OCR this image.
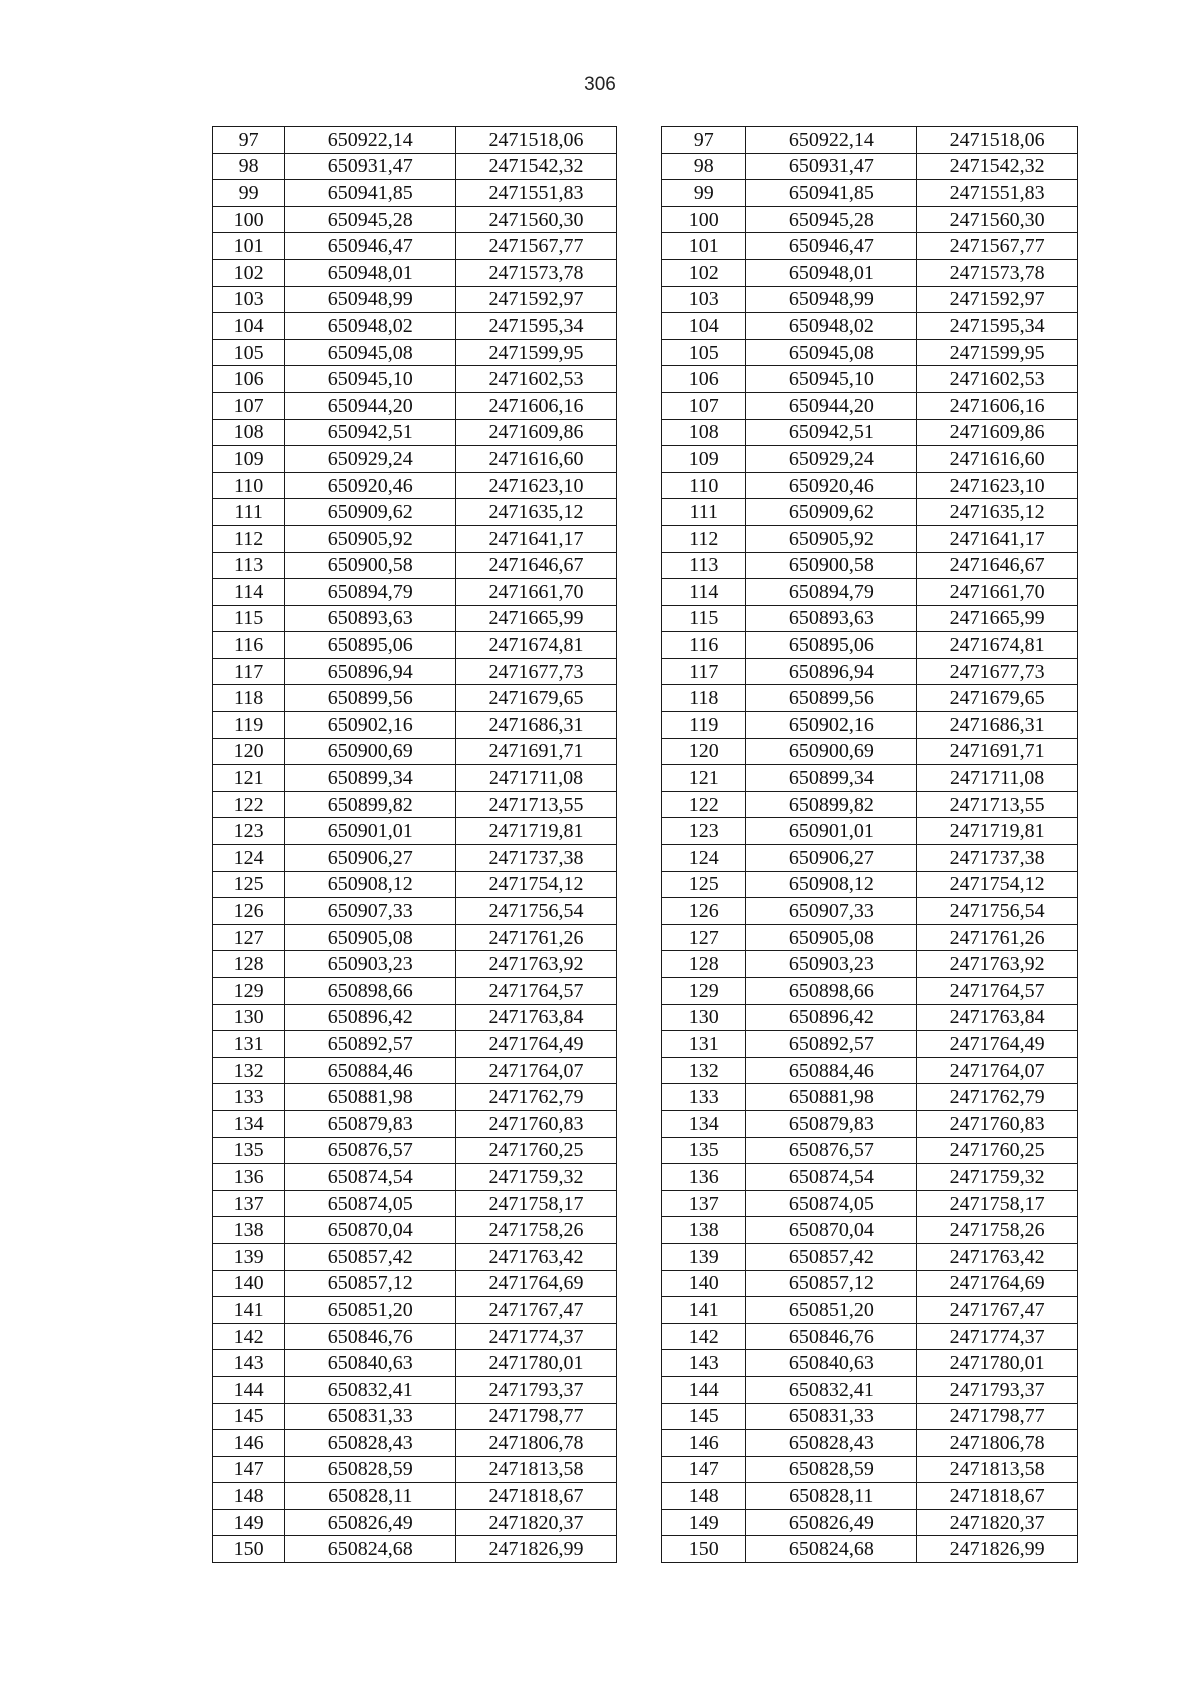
306
97	650922,14	2471518,06		97	650922,14	2471518,06
98	650931,47	2471542,32		98	650931,47	2471542,32
99	650941,85	2471551,83		99	650941,85	2471551,83
100	650945,28	2471560,30		100	650945,28	2471560,30
101	650946,47	2471567,77		101	650946,47	2471567,77
102	650948,01	2471573,78		102	650948,01	2471573,78
103	650948,99	2471592,97		103	650948,99	2471592,97
104	650948,02	2471595,34		104	650948,02	2471595,34
105	650945,08	2471599,95		105	650945,08	2471599,95
106	650945,10	2471602,53		106	650945,10	2471602,53
107	650944,20	2471606,16		107	650944,20	2471606,16
108	650942,51	2471609,86		108	650942,51	2471609,86
109	650929,24	2471616,60		109	650929,24	2471616,60
110	650920,46	2471623,10		110	650920,46	2471623,10
111	650909,62	2471635,12		111	650909,62	2471635,12
112	650905,92	2471641,17		112	650905,92	2471641,17
113	650900,58	2471646,67		113	650900,58	2471646,67
114	650894,79	2471661,70		114	650894,79	2471661,70
115	650893,63	2471665,99		115	650893,63	2471665,99
116	650895,06	2471674,81		116	650895,06	2471674,81
117	650896,94	2471677,73		117	650896,94	2471677,73
118	650899,56	2471679,65		118	650899,56	2471679,65
119	650902,16	2471686,31		119	650902,16	2471686,31
120	650900,69	2471691,71		120	650900,69	2471691,71
121	650899,34	2471711,08		121	650899,34	2471711,08
122	650899,82	2471713,55		122	650899,82	2471713,55
123	650901,01	2471719,81		123	650901,01	2471719,81
124	650906,27	2471737,38		124	650906,27	2471737,38
125	650908,12	2471754,12		125	650908,12	2471754,12
126	650907,33	2471756,54		126	650907,33	2471756,54
127	650905,08	2471761,26		127	650905,08	2471761,26
128	650903,23	2471763,92		128	650903,23	2471763,92
129	650898,66	2471764,57		129	650898,66	2471764,57
130	650896,42	2471763,84		130	650896,42	2471763,84
131	650892,57	2471764,49		131	650892,57	2471764,49
132	650884,46	2471764,07		132	650884,46	2471764,07
133	650881,98	2471762,79		133	650881,98	2471762,79
134	650879,83	2471760,83		134	650879,83	2471760,83
135	650876,57	2471760,25		135	650876,57	2471760,25
136	650874,54	2471759,32		136	650874,54	2471759,32
137	650874,05	2471758,17		137	650874,05	2471758,17
138	650870,04	2471758,26		138	650870,04	2471758,26
139	650857,42	2471763,42		139	650857,42	2471763,42
140	650857,12	2471764,69		140	650857,12	2471764,69
141	650851,20	2471767,47		141	650851,20	2471767,47
142	650846,76	2471774,37		142	650846,76	2471774,37
143	650840,63	2471780,01		143	650840,63	2471780,01
144	650832,41	2471793,37		144	650832,41	2471793,37
145	650831,33	2471798,77		145	650831,33	2471798,77
146	650828,43	2471806,78		146	650828,43	2471806,78
147	650828,59	2471813,58		147	650828,59	2471813,58
148	650828,11	2471818,67		148	650828,11	2471818,67
149	650826,49	2471820,37		149	650826,49	2471820,37
150	650824,68	2471826,99		150	650824,68	2471826,99
